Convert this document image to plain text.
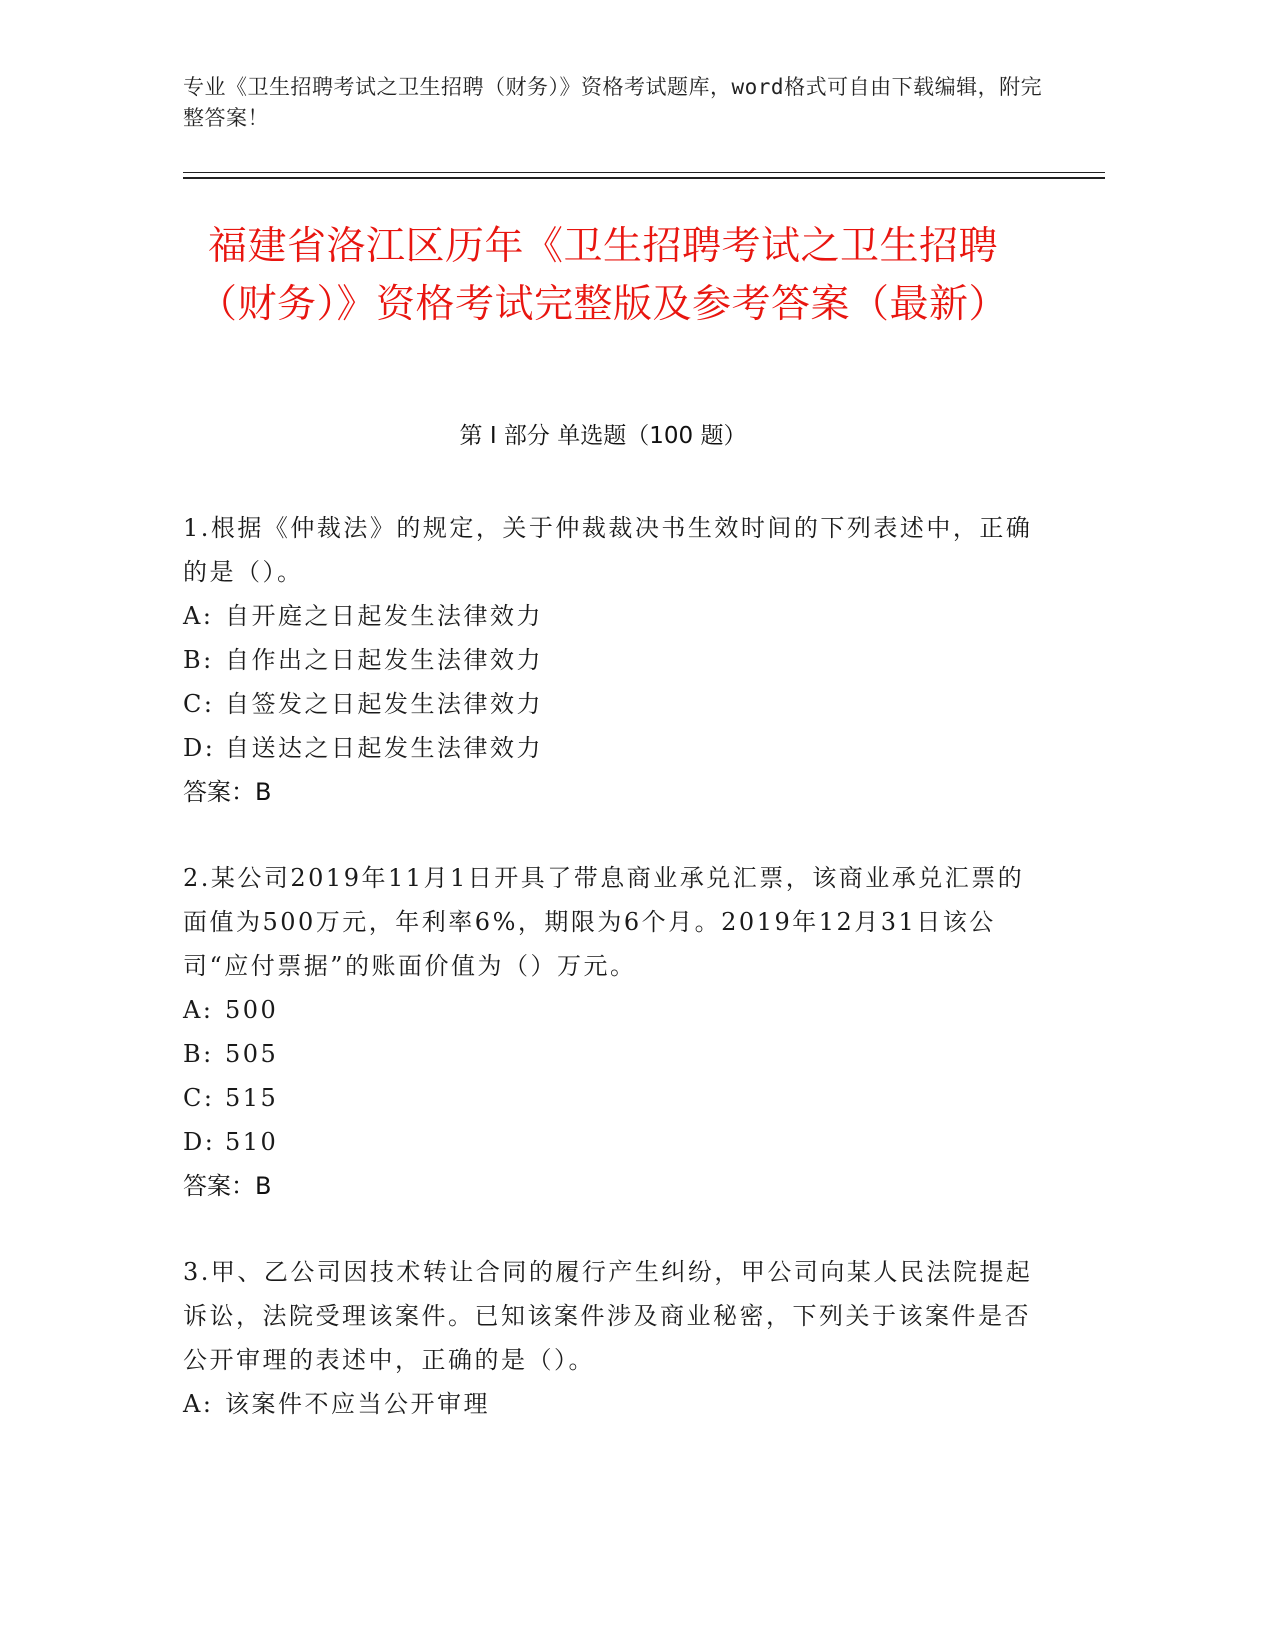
专业《卫生招聘考试之卫生招聘（财务）》资格考试题库，word格式可自由下载编辑，附完整答案！
福建省洛江区历年《卫生招聘考试之卫生招聘（财务）》资格考试完整版及参考答案（最新）
第 I 部分 单选题（100 题）

1.根据《仲裁法》的规定，关于仲裁裁决书生效时间的下列表述中，正确的是（）。

A: 自开庭之日起发生法律效力

B: 自作出之日起发生法律效力

C: 自签发之日起发生法律效力

D: 自送达之日起发生法律效力

答案：B

2.某公司2019年11月1日开具了带息商业承兑汇票，该商业承兑汇票的面值为500万元，年利率6%，期限为6个月。2019年12月31日该公司“应付票据”的账面价值为（）万元。

A: 500

B: 505

C: 515

D: 510

答案：B

3.甲、乙公司因技术转让合同的履行产生纠纷，甲公司向某人民法院提起诉讼，法院受理该案件。已知该案件涉及商业秘密，下列关于该案件是否公开审理的表述中，正确的是（）。

A: 该案件不应当公开审理
